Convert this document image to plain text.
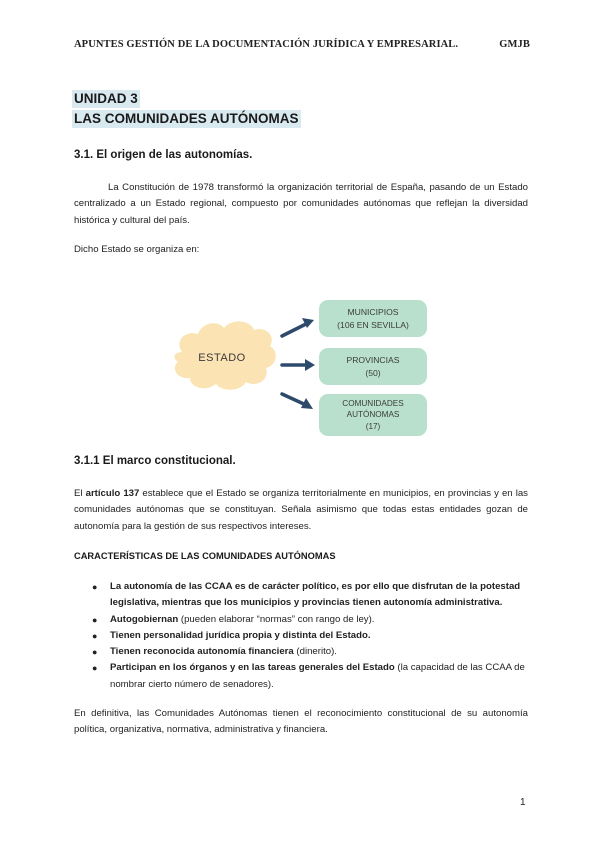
APUNTES GESTIÓN DE LA DOCUMENTACIÓN JURÍDICA Y EMPRESARIAL.	GMJB
UNIDAD 3
LAS COMUNIDADES AUTÓNOMAS
3.1. El origen de las autonomías.
La Constitución de 1978 transformó la organización territorial de España, pasando de un Estado centralizado a un Estado regional, compuesto por comunidades autónomas que reflejan la diversidad histórica y cultural del país.
Dicho Estado se organiza en:
ESTADO
MUNICIPIOS
(106 EN SEVILLA)
PROVINCIAS
(50)
COMUNIDADES
AUTÓNOMAS
(17)
3.1.1 El marco constitucional.
El artículo 137 establece que el Estado se organiza territorialmente en municipios, en provincias y en las comunidades autónomas que se constituyan. Señala asimismo que todas estas entidades gozan de autonomía para la gestión de sus respectivos intereses.
CARACTERÍSTICAS DE LAS COMUNIDADES AUTÓNOMAS
● La autonomía de las CCAA es de carácter político, es por ello que disfrutan de la potestad legislativa, mientras que los municipios y provincias tienen autonomía administrativa.
● Autogobiernan (pueden elaborar “normas” con rango de ley).
● Tienen personalidad jurídica propia y distinta del Estado.
● Tienen reconocida autonomía financiera (dinerito).
● Participan en los órganos y en las tareas generales del Estado (la capacidad de las CCAA de nombrar cierto número de senadores).
En definitiva, las Comunidades Autónomas tienen el reconocimiento constitucional de su autonomía política, organizativa, normativa, administrativa y financiera.
1
